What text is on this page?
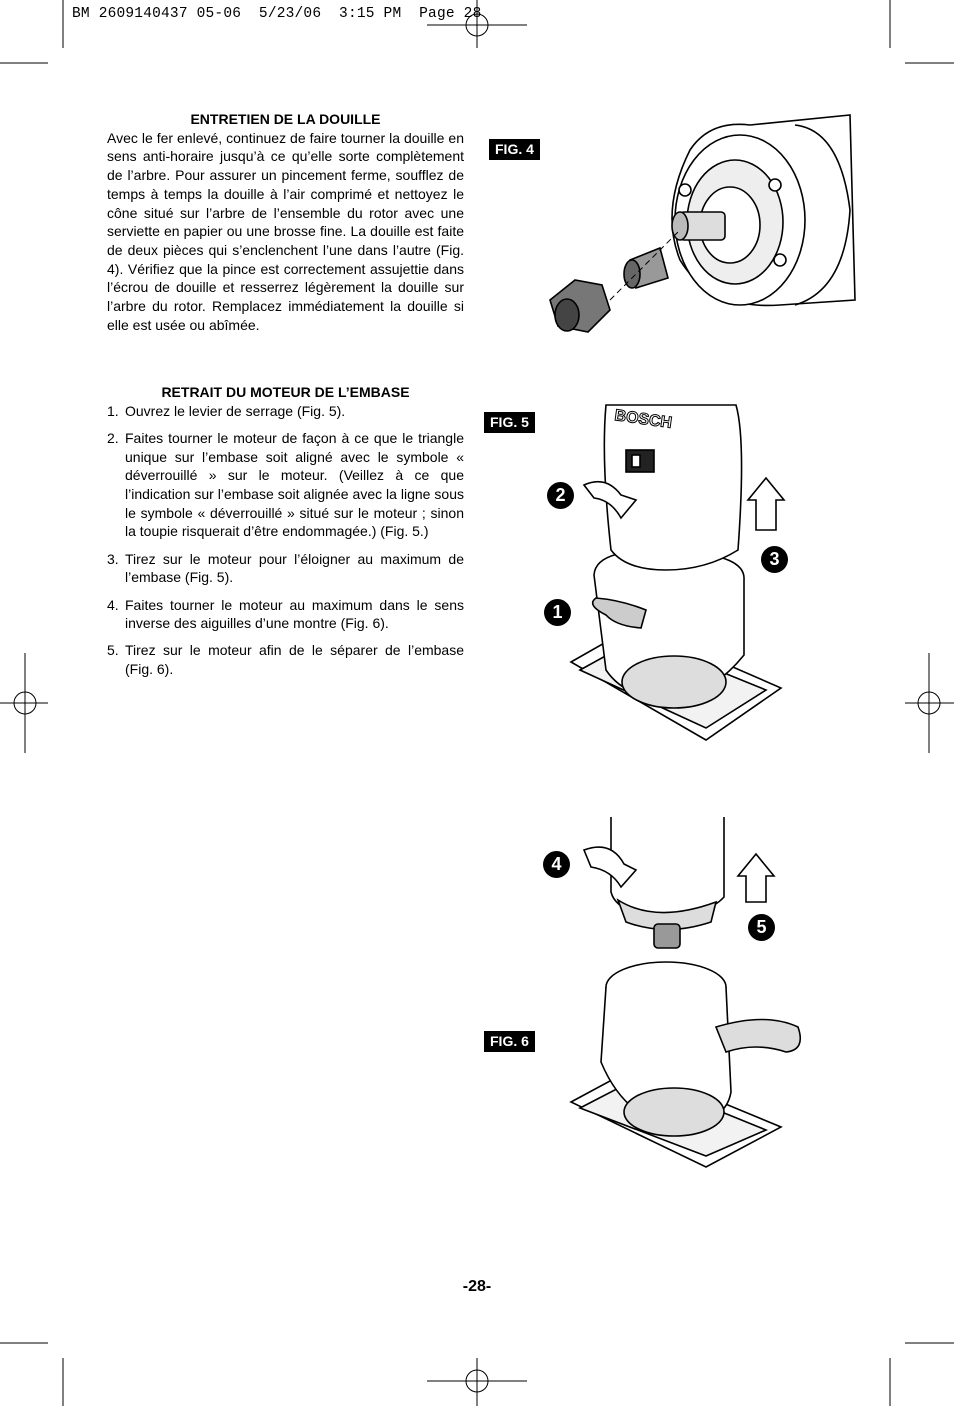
BM 2609140437 05-06  5/23/06  3:15 PM  Page 28
ENTRETIEN DE LA DOUILLE

Avec le fer enlevé, continuez de faire tourner la douille en sens anti-horaire jusqu’à ce qu’elle sorte complètement de l’arbre. Pour assurer un pincement ferme, soufflez de temps à temps la douille à l’air comprimé et nettoyez le cône situé sur l’arbre de l’ensemble du rotor avec une serviette en papier ou une brosse fine. La douille est faite de deux pièces qui s’enclenchent l’une dans l’autre (Fig. 4). Vérifiez que la pince est correctement assujettie dans l’écrou de douille et resserrez légèrement la douille sur l’arbre du rotor. Remplacez immédiatement la douille si elle est usée ou abîmée.

RETRAIT DU MOTEUR DE L’EMBASE
1. Ouvrez le levier de serrage (Fig. 5).
2. Faites tourner le moteur de façon à ce que le triangle unique sur l’embase soit aligné avec le symbole « déverrouillé » sur le moteur. (Veillez à ce que l’indication sur l’embase soit alignée avec la ligne sous le symbole « déverrouillé » situé sur le moteur ; sinon la toupie risquerait d’être endommagée.) (Fig. 5.)
3. Tirez sur le moteur pour l’éloigner au maximum de l’embase (Fig. 5).
4. Faites tourner le moteur au maximum dans le sens inverse des aiguilles d’une montre (Fig. 6).
5. Tirez sur le moteur afin de le séparer de l’embase (Fig. 6).
FIG. 4
FIG. 5	BOSCH
2
3
1
FIG. 6
4
5
-28-
